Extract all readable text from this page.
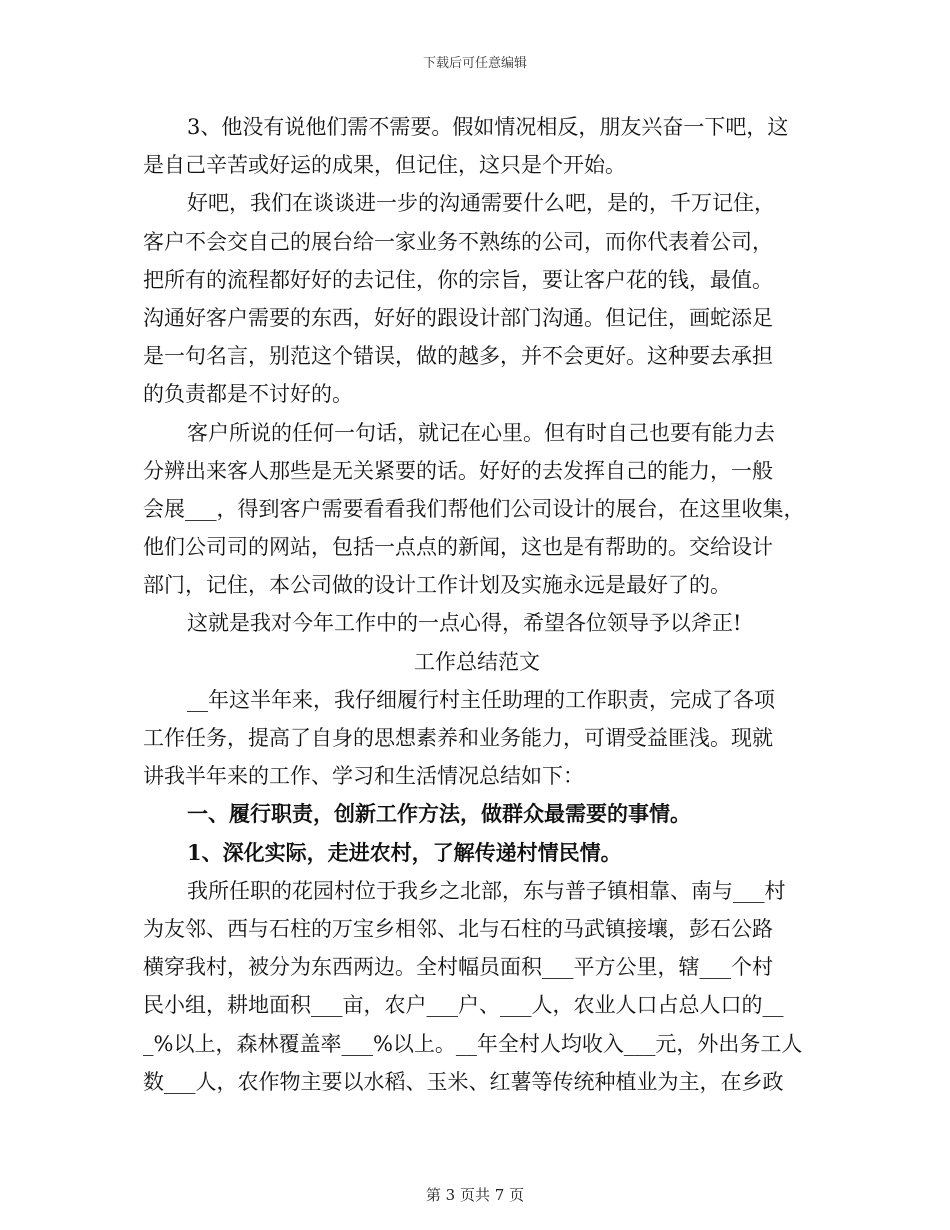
下载后可任意编辑
3、他没有说他们需不需要。假如情况相反，朋友兴奋一下吧，这
是自己辛苦或好运的成果，但记住，这只是个开始。
好吧，我们在谈谈进一步的沟通需要什么吧，是的，千万记住，
客户不会交自己的展台给一家业务不熟练的公司，而你代表着公司，
把所有的流程都好好的去记住，你的宗旨，要让客户花的钱，最值。
沟通好客户需要的东西，好好的跟设计部门沟通。但记住，画蛇添足
是一句名言，别范这个错误，做的越多，并不会更好。这种要去承担
的负责都是不讨好的。
客户所说的任何一句话，就记在心里。但有时自己也要有能力去
分辨出来客人那些是无关紧要的话。好好的去发挥自己的能力，一般
会展___，得到客户需要看看我们帮他们公司设计的展台，在这里收集，
他们公司司的网站，包括一点点的新闻，这也是有帮助的。交给设计
部门，记住，本公司做的设计工作计划及实施永远是最好了的。
这就是我对今年工作中的一点心得，希望各位领导予以斧正!
工作总结范文
__年这半年来，我仔细履行村主任助理的工作职责，完成了各项
工作任务，提高了自身的思想素养和业务能力，可谓受益匪浅。现就
讲我半年来的工作、学习和生活情况总结如下：
一、履行职责，创新工作方法，做群众最需要的事情。
1、深化实际，走进农村，了解传递村情民情。
我所任职的花园村位于我乡之北部，东与普子镇相靠、南与___村
为友邻、西与石柱的万宝乡相邻、北与石柱的马武镇接壤，彭石公路
横穿我村，被分为东西两边。全村幅员面积___平方公里，辖___个村
民小组，耕地面积___亩，农户___户、___人，农业人口占总人口的__
_%以上，森林覆盖率___%以上。__年全村人均收入___元，外出务工人
数___人，农作物主要以水稻、玉米、红薯等传统种植业为主，在乡政
第 3 页共 7 页
